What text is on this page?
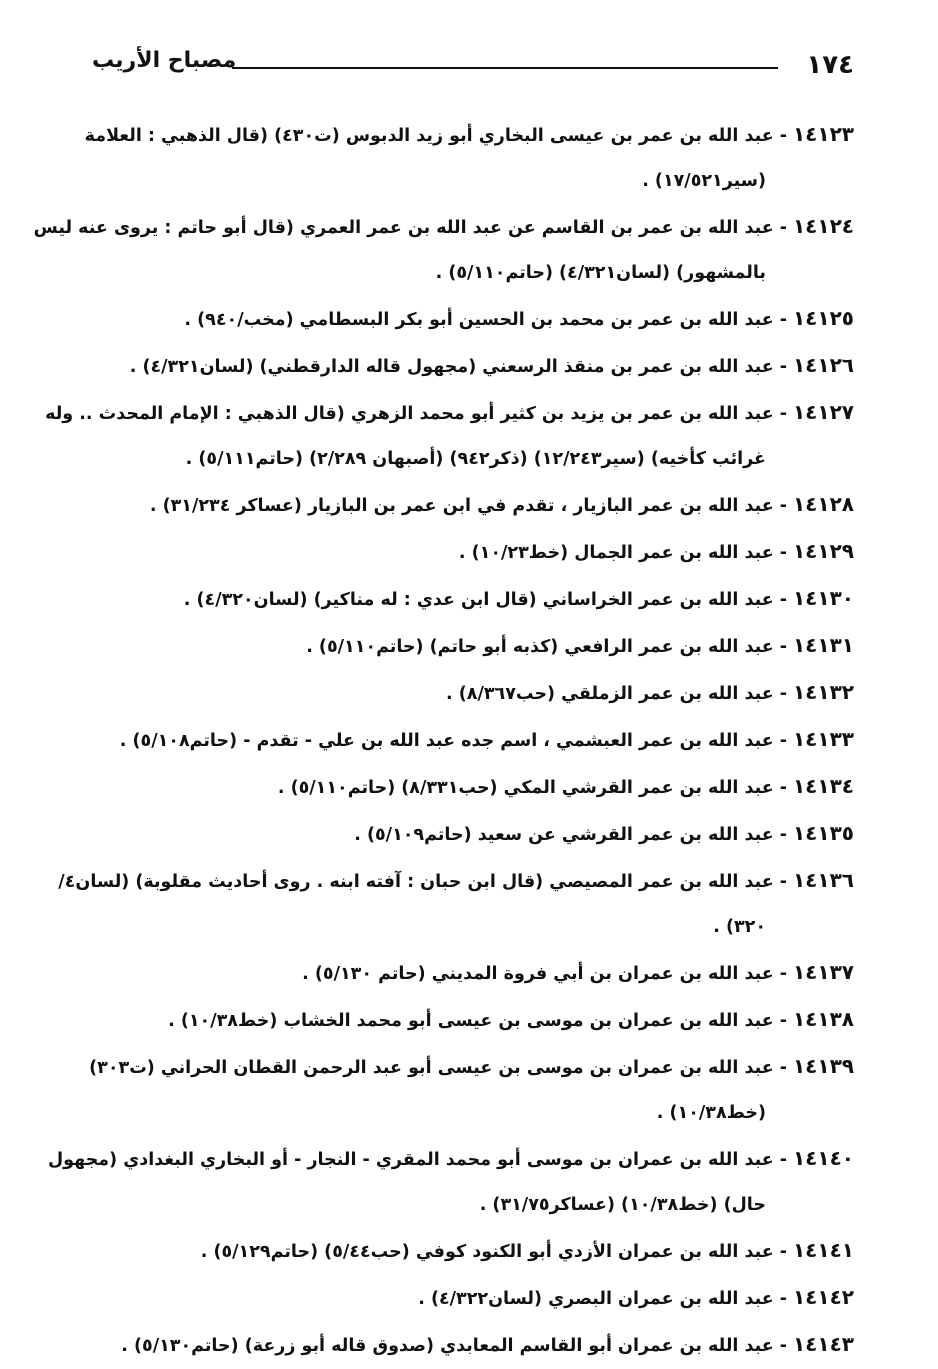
١٧٤
مصباح الأريب
١٤١٢٣-عبد الله بن عمر بن عيسى البخاري أبو زيد الدبوس (ت٤٣٠) (قال الذهبي : العلامة
(سير١٧/٥٢١) .
١٤١٢٤-عبد الله بن عمر بن القاسم عن عبد الله بن عمر العمري (قال أبو حاتم : يروى عنه ليس
بالمشهور) (لسان٤/٣٢١) (حاتم٥/١١٠) .
١٤١٢٥-عبد الله بن عمر بن محمد بن الحسين أبو بكر البسطامي (مخب/٩٤٠) .
١٤١٢٦-عبد الله بن عمر بن منقذ الرسعني (مجهول قاله الدارقطني) (لسان٤/٣٢١) .
١٤١٢٧-عبد الله بن عمر بن يزيد بن كثير أبو محمد الزهري (قال الذهبي : الإمام المحدث .. وله
غرائب كأخيه) (سير١٢/٢٤٣) (ذكر٩٤٢) (أصبهان ٢/٢٨٩) (حاتم٥/١١١) .
١٤١٢٨-عبد الله بن عمر البازيار ، تقدم في ابن عمر بن البازيار (عساكر ٣١/٢٣٤) .
١٤١٢٩-عبد الله بن عمر الجمال (خط١٠/٢٣) .
١٤١٣٠-عبد الله بن عمر الخراساني (قال ابن عدي : له مناكير) (لسان٤/٣٢٠) .
١٤١٣١-عبد الله بن عمر الرافعي (كذبه أبو حاتم) (حاتم٥/١١٠) .
١٤١٣٢-عبد الله بن عمر الزملقي (حب٨/٣٦٧) .
١٤١٣٣-عبد الله بن عمر العبشمي ، اسم جده عبد الله بن علي - تقدم - (حاتم٥/١٠٨) .
١٤١٣٤-عبد الله بن عمر القرشي المكي (حب٨/٣٣١) (حاتم٥/١١٠) .
١٤١٣٥-عبد الله بن عمر القرشي عن سعيد (حاتم٥/١٠٩) .
١٤١٣٦-عبد الله بن عمر المصيصي (قال ابن حبان : آفته ابنه . روى أحاديث مقلوبة) (لسان٤/
٣٢٠) .
١٤١٣٧-عبد الله بن عمران بن أبي فروة المديني (حاتم ٥/١٣٠) .
١٤١٣٨-عبد الله بن عمران بن موسى بن عيسى أبو محمد الخشاب (خط١٠/٣٨) .
١٤١٣٩-عبد الله بن عمران بن موسى بن عيسى أبو عبد الرحمن القطان الحراني (ت٣٠٣)
(خط١٠/٣٨) .
١٤١٤٠-عبد الله بن عمران بن موسى أبو محمد المقري - النجار - أو البخاري البغدادي (مجهول
حال) (خط١٠/٣٨) (عساكر٣١/٧٥) .
١٤١٤١-عبد الله بن عمران الأزدي أبو الكنود كوفي (حب٥/٤٤) (حاتم٥/١٢٩) .
١٤١٤٢-عبد الله بن عمران البصري (لسان٤/٣٢٢) .
١٤١٤٣-عبد الله بن عمران أبو القاسم المعابدي (صدوق قاله أبو زرعة) (حاتم٥/١٣٠) .
